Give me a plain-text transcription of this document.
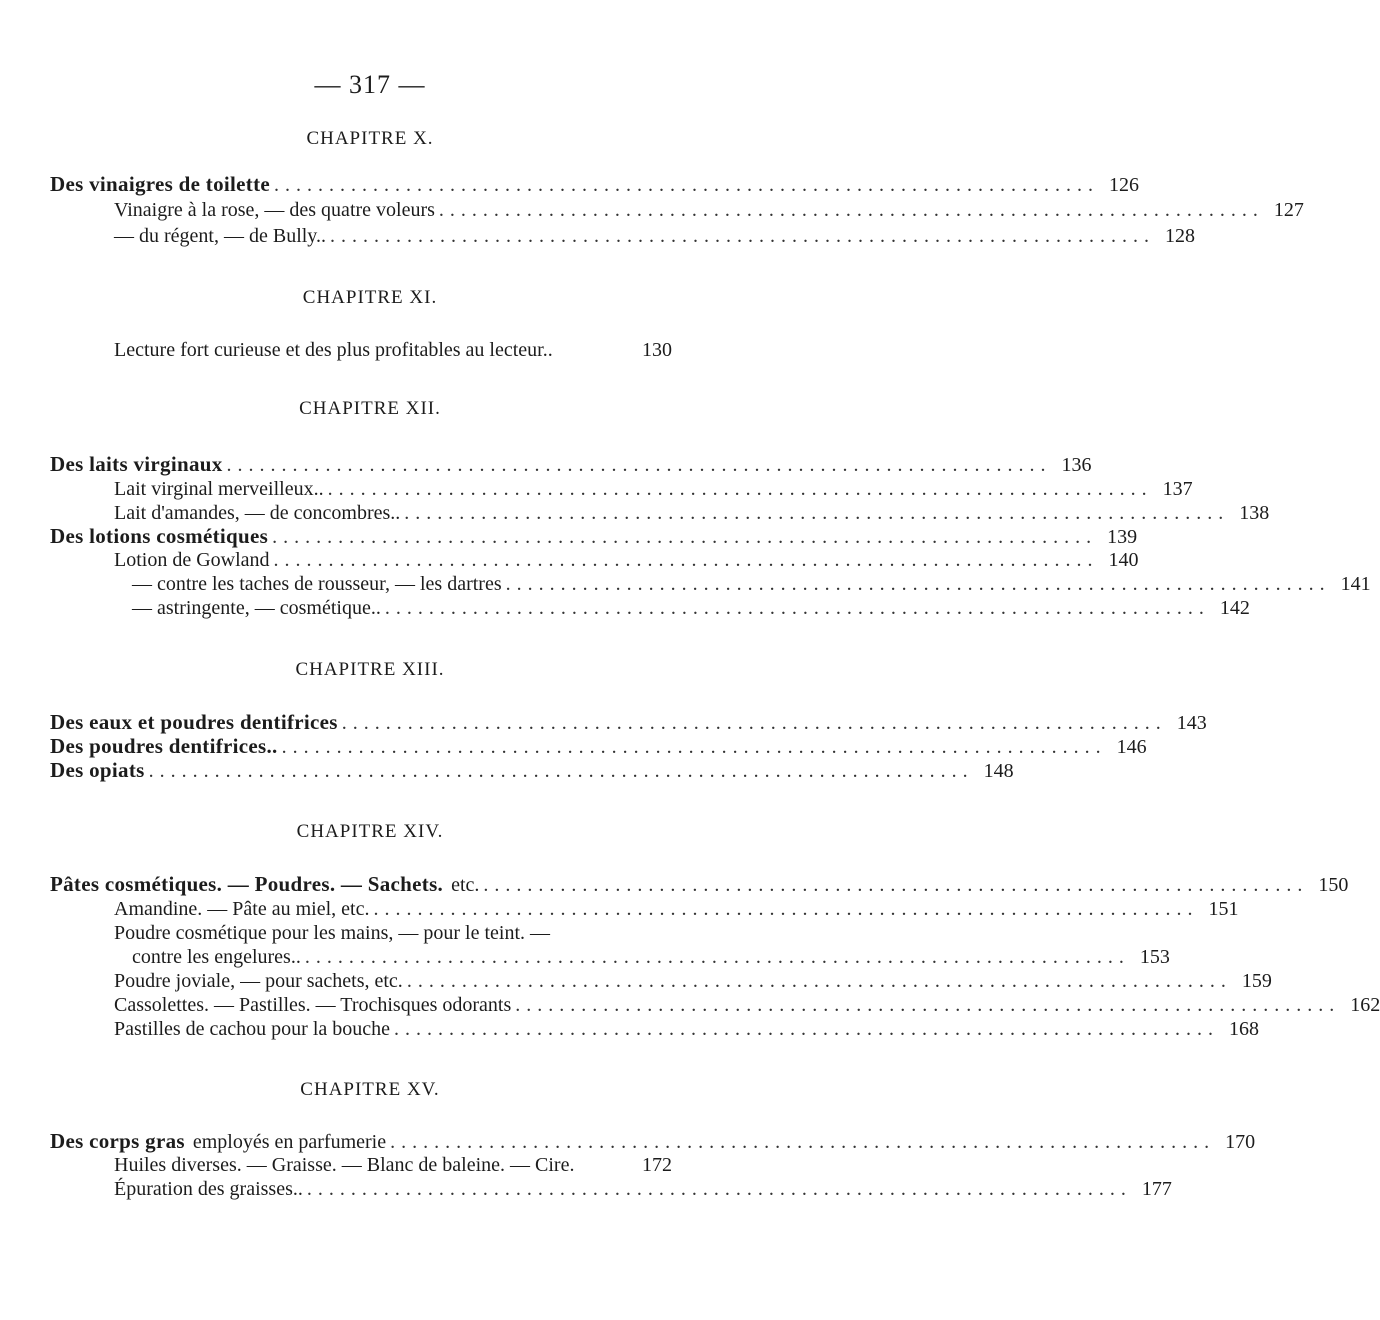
— 317 —
CHAPITRE X.
Des vinaigres de toilette ........................................................................... 126
Vinaigre à la rose, — des quatre voleurs ........................................................................... 127
— du régent, — de Bully.. ........................................................................... 128
CHAPITRE XI.
Lecture fort curieuse et des plus profitables au lecteur..	130
CHAPITRE XII.
Des laits virginaux ........................................................................... 136
Lait virginal merveilleux.. ........................................................................... 137
Lait d'amandes, — de concombres.. ........................................................................... 138
Des lotions cosmétiques ........................................................................... 139
Lotion de Gowland ........................................................................... 140
— contre les taches de rousseur, — les dartres ........................................................................... 141
— astringente, — cosmétique.. ........................................................................... 142
CHAPITRE XIII.
Des eaux et poudres dentifrices ........................................................................... 143
Des poudres dentifrices.. ........................................................................... 146
Des opiats ........................................................................... 148
CHAPITRE XIV.
Pâtes cosmétiques. — Poudres. — Sachets. etc. ........................................................................... 150
Amandine. — Pâte au miel, etc. ........................................................................... 151
Poudre cosmétique pour les mains, — pour le teint. —
contre les engelures.. ........................................................................... 153
Poudre joviale, — pour sachets, etc. ........................................................................... 159
Cassolettes. — Pastilles. — Trochisques odorants ........................................................................... 162
Pastilles de cachou pour la bouche ........................................................................... 168
CHAPITRE XV.
Des corps gras employés en parfumerie ........................................................................... 170
Huiles diverses. — Graisse. — Blanc de baleine. — Cire.	172
Épuration des graisses.. ........................................................................... 177
